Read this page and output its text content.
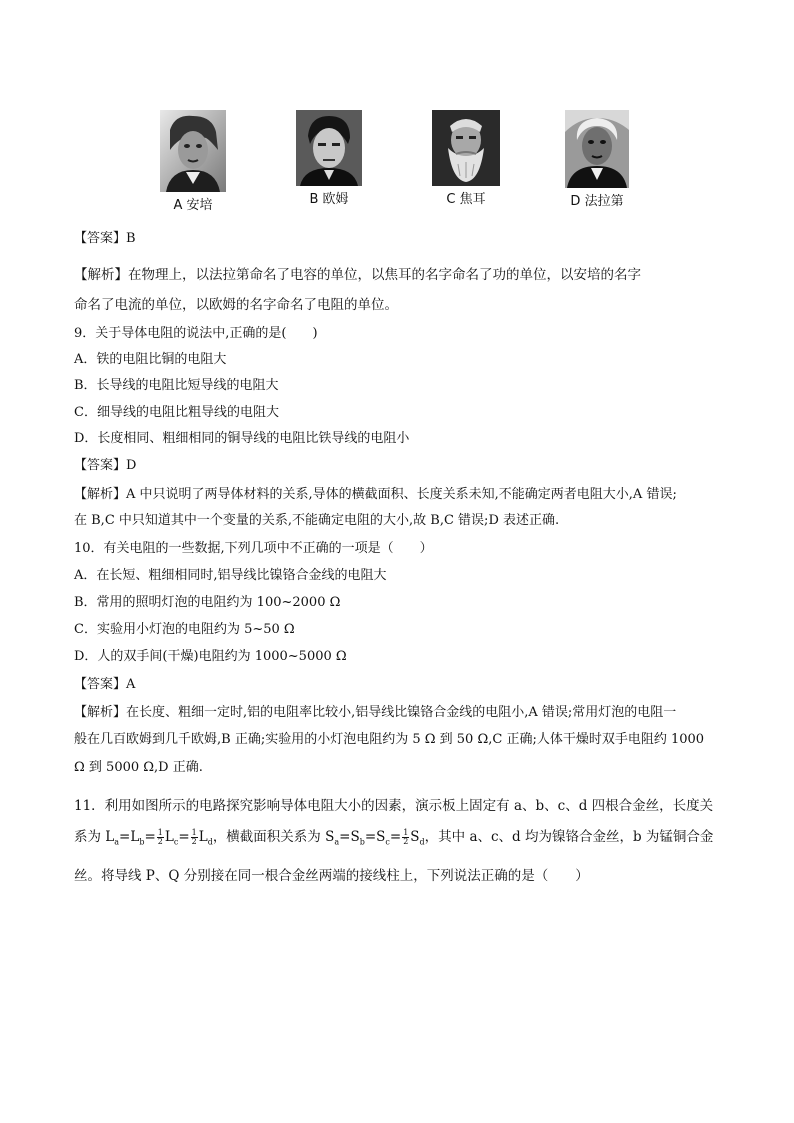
A 安培	B 欧姆	C 焦耳	D 法拉第
【答案】B
【解析】在物理上，以法拉第命名了电容的单位，以焦耳的名字命名了功的单位，以安培的名字
命名了电流的单位，以欧姆的名字命名了电阻的单位。
9．关于导体电阻的说法中,正确的是(　　)
A．铁的电阻比铜的电阻大
B．长导线的电阻比短导线的电阻大
C．细导线的电阻比粗导线的电阻大
D．长度相同、粗细相同的铜导线的电阻比铁导线的电阻小
【答案】D
【解析】A 中只说明了两导体材料的关系,导体的横截面积、长度关系未知,不能确定两者电阻大小,A 错误;
在 B,C 中只知道其中一个变量的关系,不能确定电阻的大小,故 B,C 错误;D 表述正确.
10．有关电阻的一些数据,下列几项中不正确的一项是（　　）
A．在长短、粗细相同时,铝导线比镍铬合金线的电阻大
B．常用的照明灯泡的电阻约为 100~2000 Ω
C．实验用小灯泡的电阻约为 5~50 Ω
D．人的双手间(干燥)电阻约为 1000~5000 Ω
【答案】A
【解析】在长度、粗细一定时,铝的电阻率比较小,铝导线比镍铬合金线的电阻小,A 错误;常用灯泡的电阻一
般在几百欧姆到几千欧姆,B 正确;实验用的小灯泡电阻约为 5 Ω 到 50 Ω,C 正确;人体干燥时双手电阻约 1000
Ω 到 5000 Ω,D 正确.
11．利用如图所示的电路探究影响导体电阻大小的因素，演示板上固定有 a、b、c、d 四根合金丝，长度关
系为 $L_a=L_b= \frac{1}{2} L_c= \frac{1}{2} L_d$，横截面积关系为 $S_a=S_b=S_c= \frac{1}{2} S_d$，其中 a、c、d 均为镍铬合金丝，b 为锰铜合金
丝。将导线 P、Q 分别接在同一根合金丝两端的接线柱上，下列说法正确的是（　　）
